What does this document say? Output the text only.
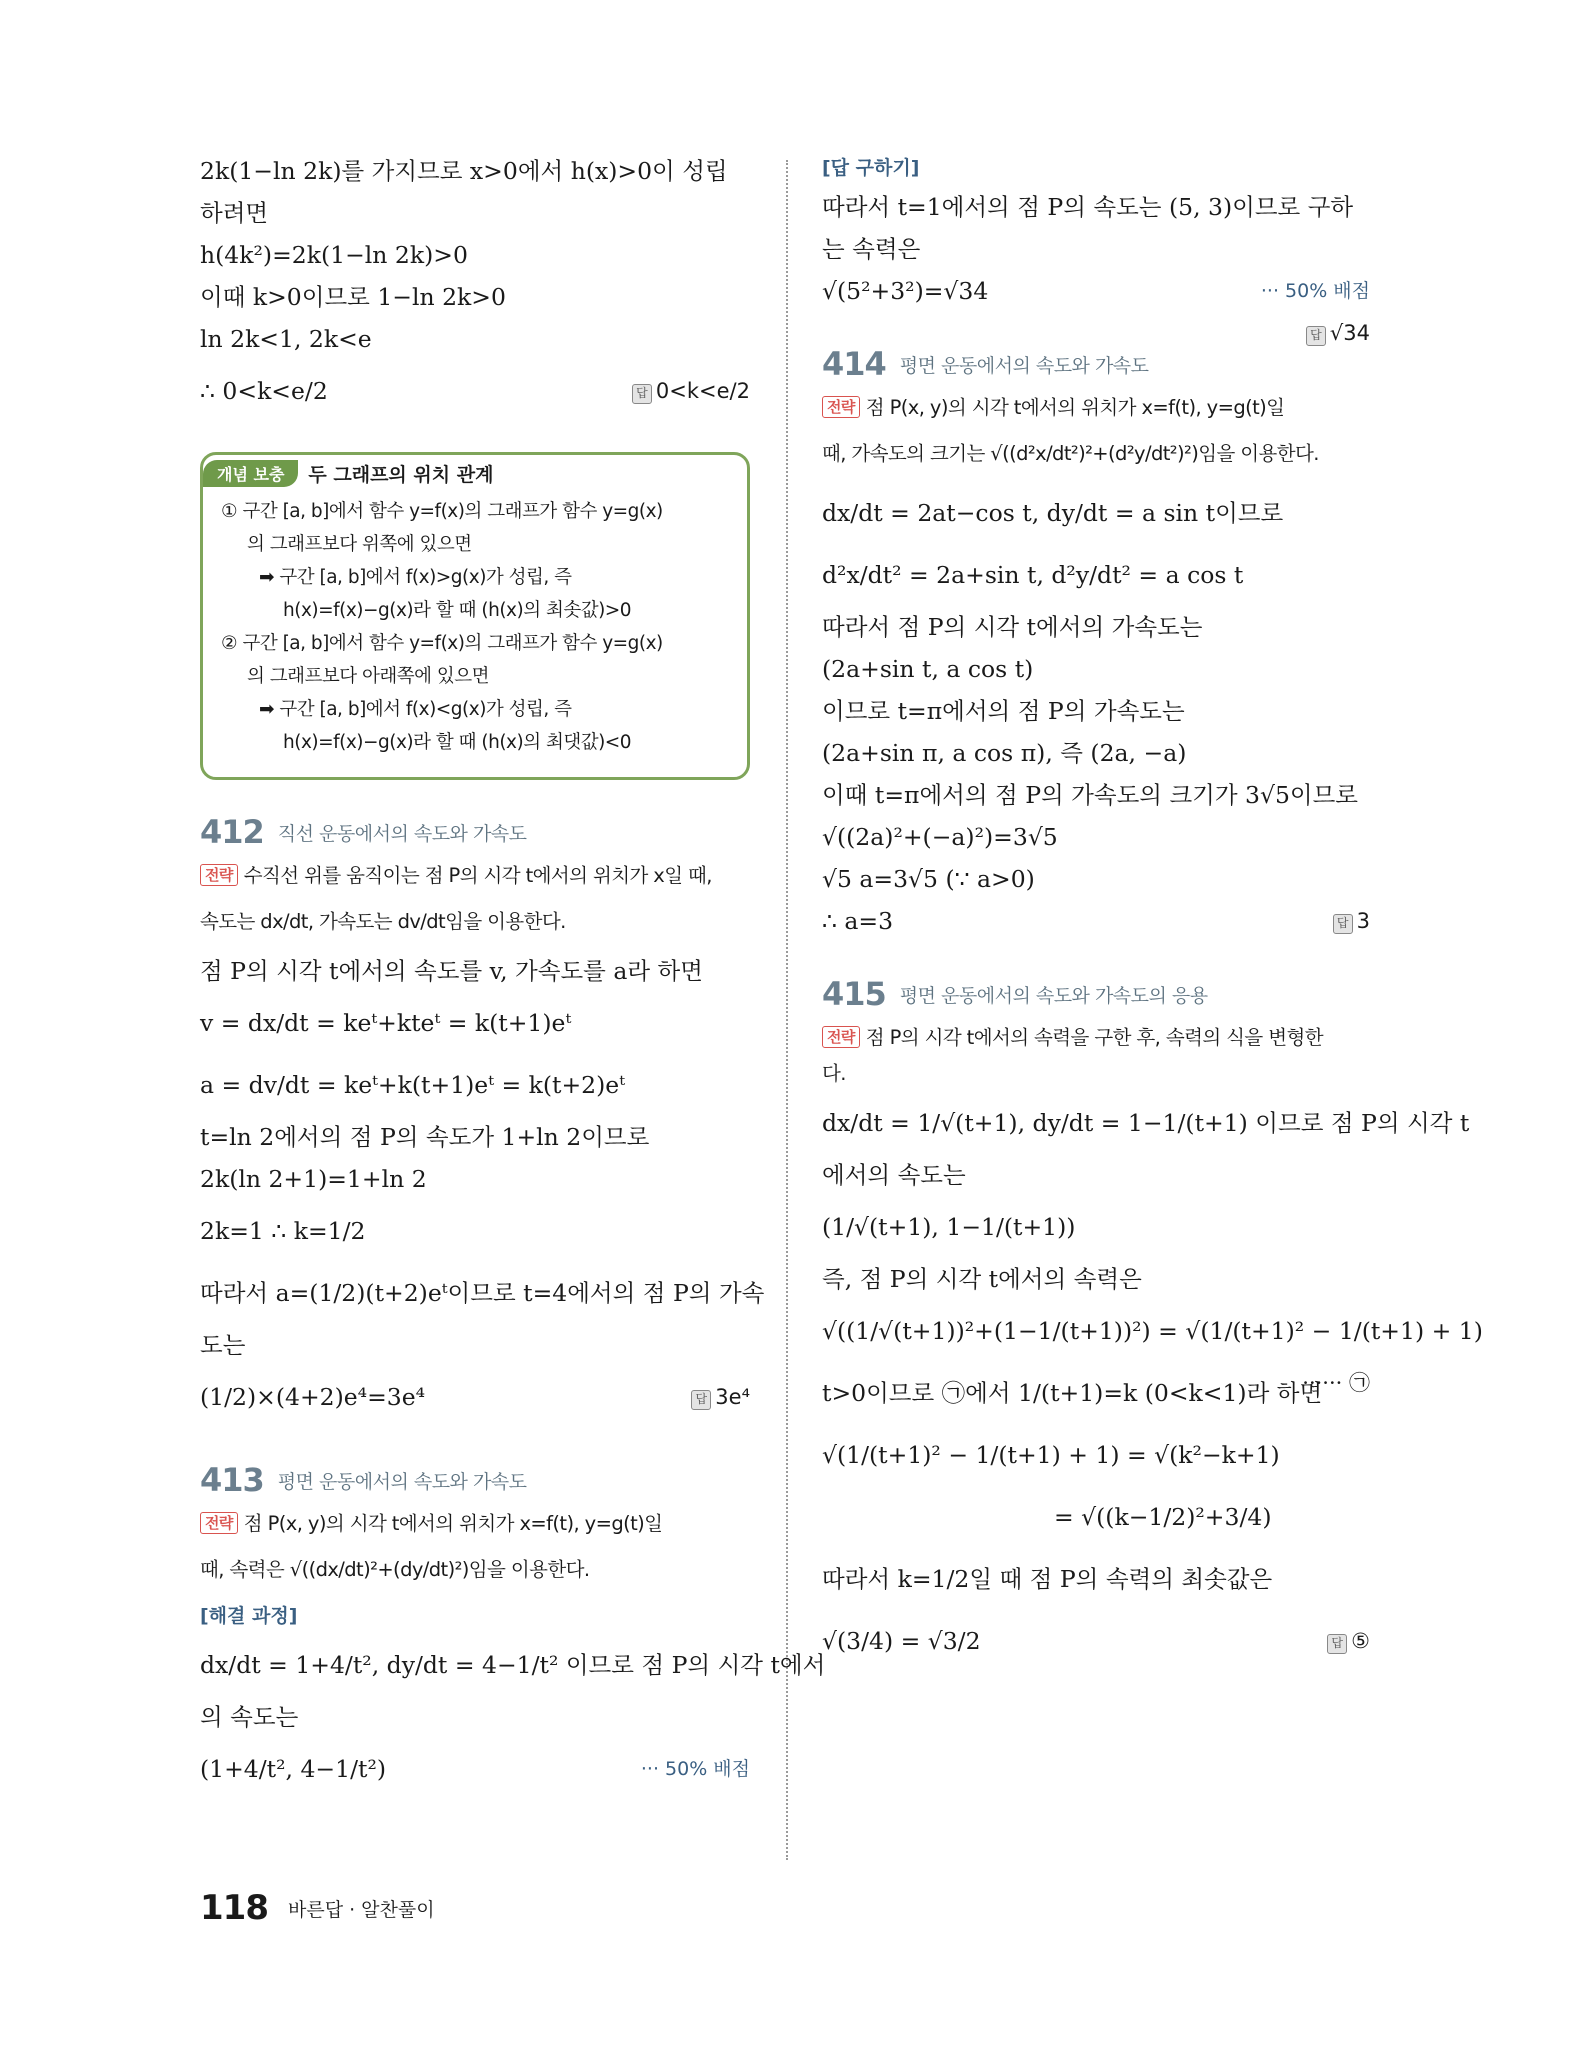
2k(1−ln 2k)를 가지므로 x>0에서 h(x)>0이 성립
하려면
h(4k²)=2k(1−ln 2k)>0
이때 k>0이므로 1−ln 2k>0
ln 2k<1, 2k<e
∴ 0<k<e/2	답 0<k<e/2
개념 보충	두 그래프의 위치 관계
① 구간 [a, b]에서 함수 y=f(x)의 그래프가 함수 y=g(x)
의 그래프보다 위쪽에 있으면
➡ 구간 [a, b]에서 f(x)>g(x)가 성립, 즉
h(x)=f(x)−g(x)라 할 때 (h(x)의 최솟값)>0
② 구간 [a, b]에서 함수 y=f(x)의 그래프가 함수 y=g(x)
의 그래프보다 아래쪽에 있으면
➡ 구간 [a, b]에서 f(x)<g(x)가 성립, 즉
h(x)=f(x)−g(x)라 할 때 (h(x)의 최댓값)<0
412 직선 운동에서의 속도와 가속도
전략 수직선 위를 움직이는 점 P의 시각 t에서의 위치가 x일 때,
속도는 dx/dt, 가속도는 dv/dt임을 이용한다.
점 P의 시각 t에서의 속도를 v, 가속도를 a라 하면
v = dx/dt = keᵗ+kteᵗ = k(t+1)eᵗ
a = dv/dt = keᵗ+k(t+1)eᵗ = k(t+2)eᵗ
t=ln 2에서의 점 P의 속도가 1+ln 2이므로
2k(ln 2+1)=1+ln 2
2k=1 ∴ k=1/2
따라서 a=(1/2)(t+2)eᵗ이므로 t=4에서의 점 P의 가속
도는
(1/2)×(4+2)e⁴=3e⁴	답 3e⁴
413 평면 운동에서의 속도와 가속도
전략 점 P(x, y)의 시각 t에서의 위치가 x=f(t), y=g(t)일
때, 속력은 √((dx/dt)²+(dy/dt)²)임을 이용한다.
[해결 과정]
dx/dt = 1+4/t², dy/dt = 4−1/t² 이므로 점 P의 시각 t에서
의 속도는
(1+4/t², 4−1/t²)	··· 50% 배점
[답 구하기]
따라서 t=1에서의 점 P의 속도는 (5, 3)이므로 구하
는 속력은
√(5²+3²)=√34	··· 50% 배점
답 √34
414 평면 운동에서의 속도와 가속도
전략 점 P(x, y)의 시각 t에서의 위치가 x=f(t), y=g(t)일
때, 가속도의 크기는 √((d²x/dt²)²+(d²y/dt²)²)임을 이용한다.
dx/dt = 2at−cos t, dy/dt = a sin t이므로
d²x/dt² = 2a+sin t, d²y/dt² = a cos t
따라서 점 P의 시각 t에서의 가속도는
(2a+sin t, a cos t)
이므로 t=π에서의 점 P의 가속도는
(2a+sin π, a cos π), 즉 (2a, −a)
이때 t=π에서의 점 P의 가속도의 크기가 3√5이므로
√((2a)²+(−a)²)=3√5
√5 a=3√5 (∵ a>0)
∴ a=3	답 3
415 평면 운동에서의 속도와 가속도의 응용
전략 점 P의 시각 t에서의 속력을 구한 후, 속력의 식을 변형한
다.
dx/dt = 1/√(t+1), dy/dt = 1−1/(t+1) 이므로 점 P의 시각 t
에서의 속도는
(1/√(t+1), 1−1/(t+1))
즉, 점 P의 시각 t에서의 속력은
√((1/√(t+1))²+(1−1/(t+1))²) = √(1/(t+1)² − 1/(t+1) + 1)
······ ㉠
t>0이므로 ㉠에서 1/(t+1)=k (0<k<1)라 하면
√(1/(t+1)² − 1/(t+1) + 1) = √(k²−k+1)
= √((k−1/2)²+3/4)
따라서 k=1/2일 때 점 P의 속력의 최솟값은
√(3/4) = √3/2	답 ⑤
118 바른답 · 알찬풀이
